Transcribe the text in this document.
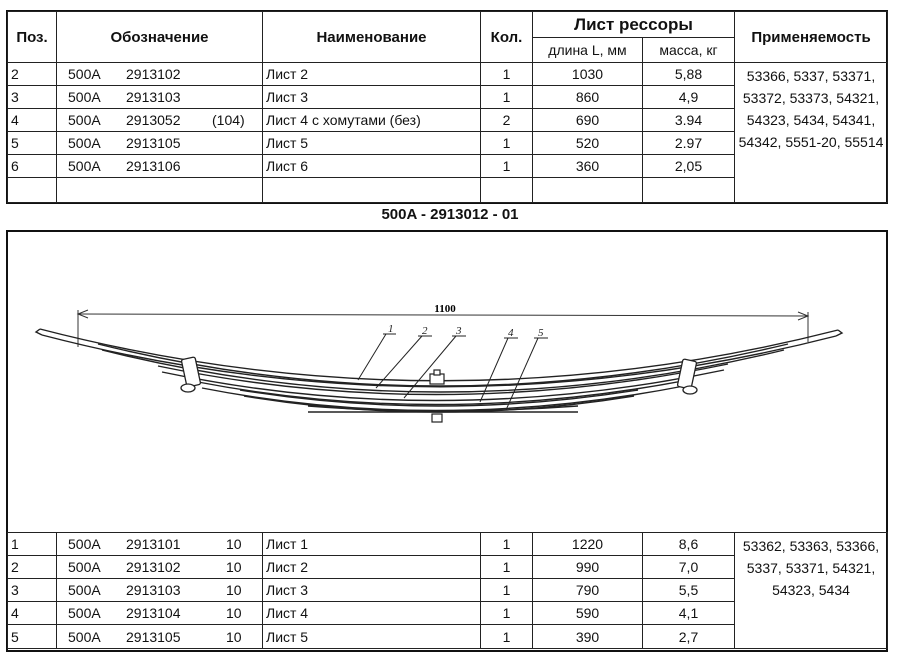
Поз.	Обозначение	Наименование	Кол.	Лист рессоры		Применяемость
				длина L, мм	масса, кг	
2	500A 2913102	Лист 2	1	1030	5,88	53366, 5337, 53371, 53372, 53373, 54321, 54323, 5434, 54341, 54342, 5551-20, 55514
3	500A 2913103	Лист 3	1	860	4,9	
4	500A 2913052 (104)	Лист 4 с хомутами (без)	2	690	3.94	
5	500A 2913105	Лист 5	1	520	2.97	
6	500A 2913106	Лист 6	1	360	2,05	

500A - 2913012 - 01
1100
1	2	3	4 5
1	500A 2913101 10	Лист 1	1	1220	8,6	53362, 53363, 53366, 5337, 53371, 54321, 54323, 5434
2	500A 2913102 10	Лист 2	1	990	7,0	
3	500A 2913103 10	Лист 3	1	790	5,5	
4	500A 2913104 10	Лист 4	1	590	4,1	
5	500A 2913105 10	Лист 5	1	390	2,7	
